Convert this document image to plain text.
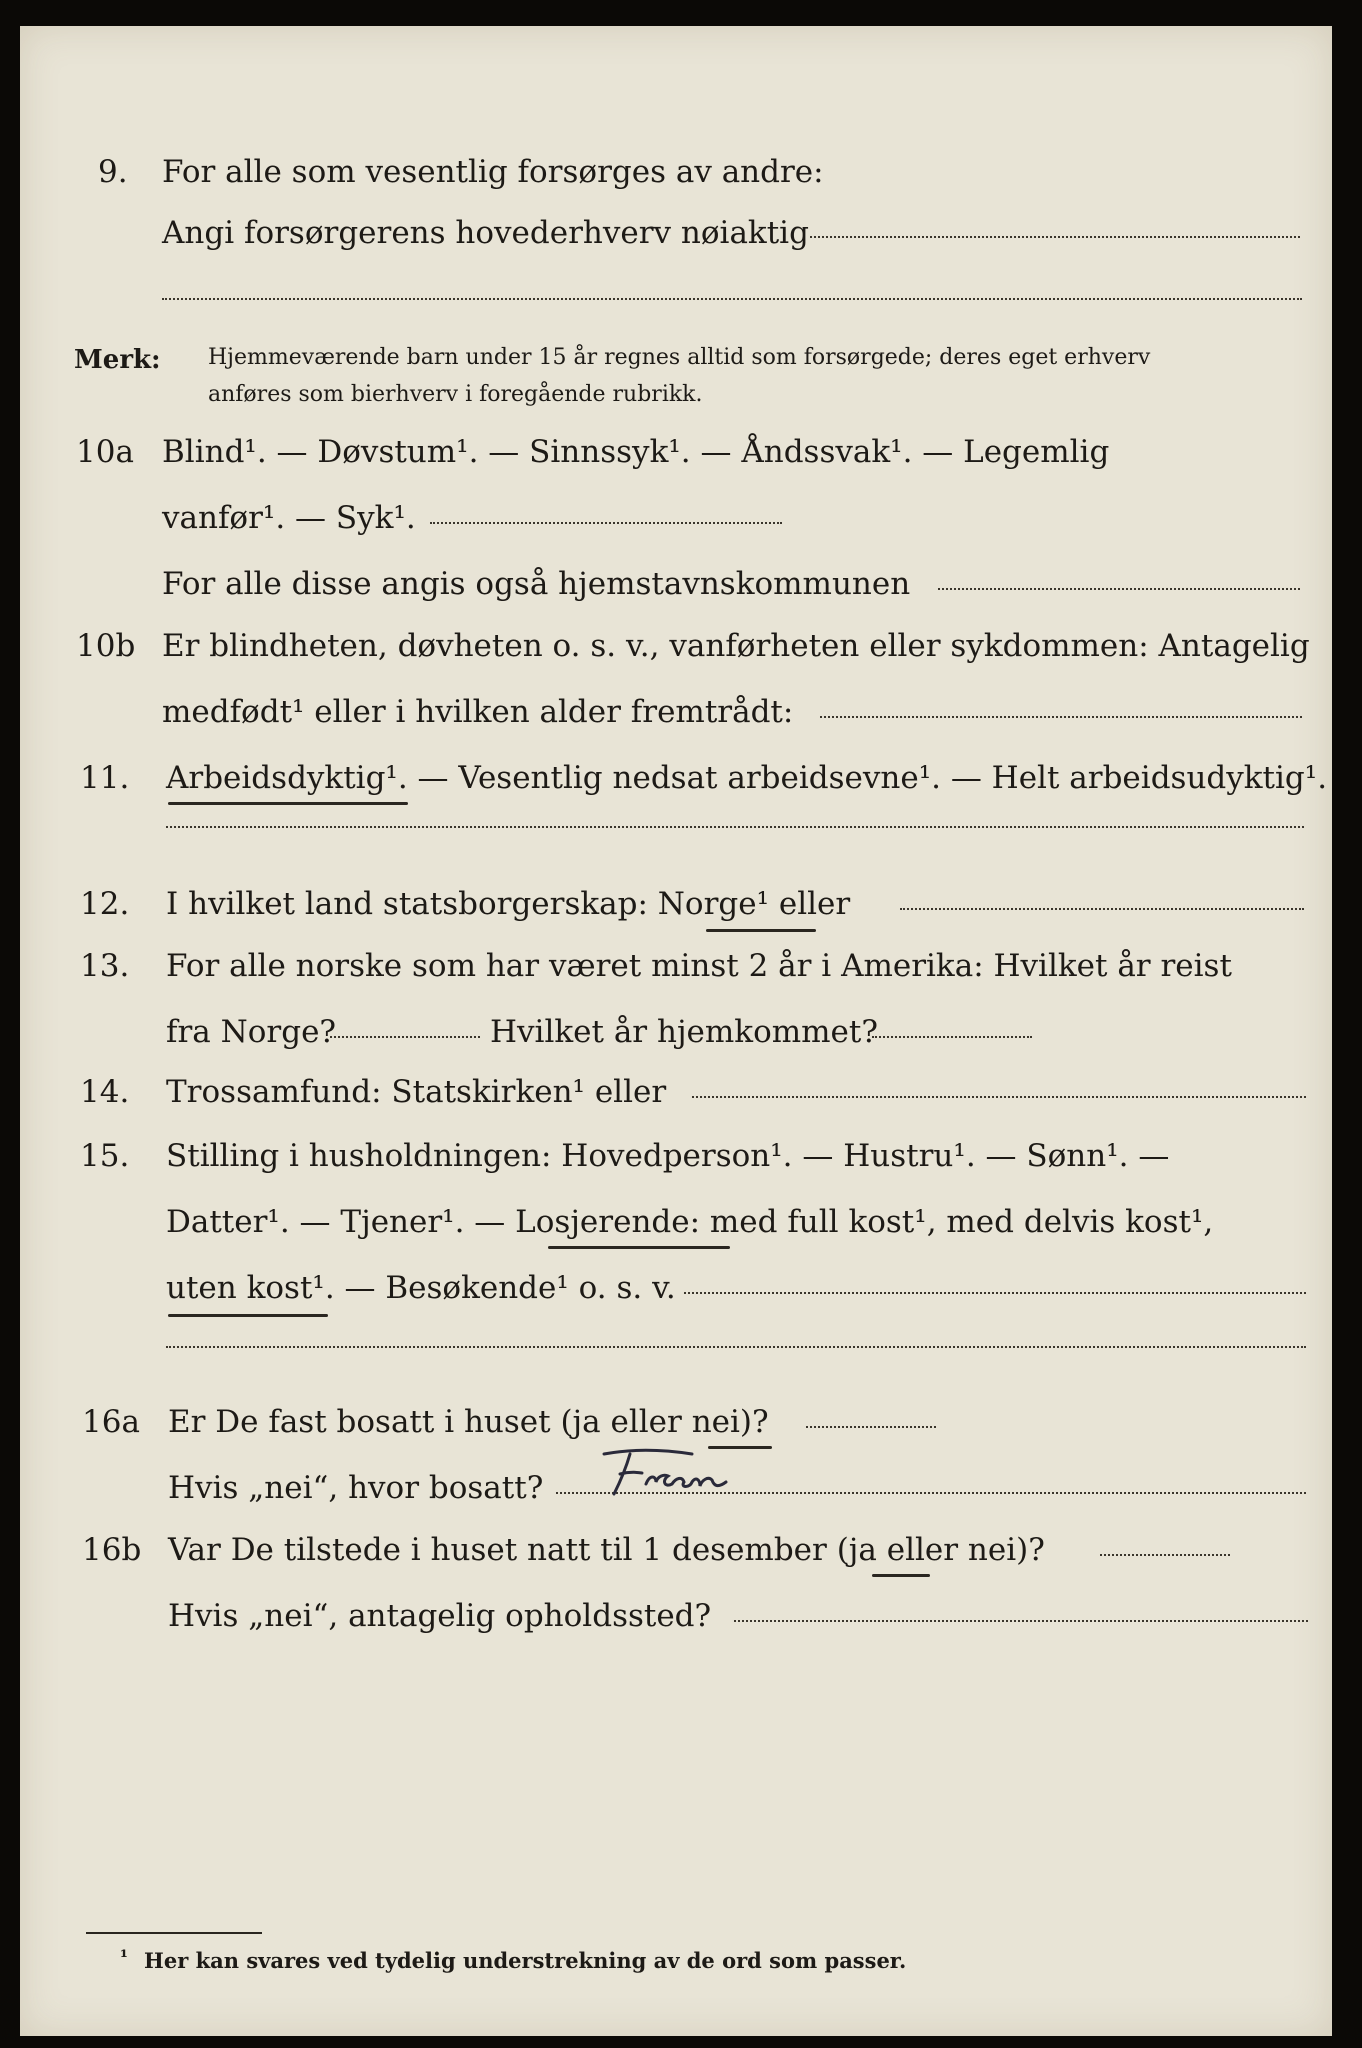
9. For alle som vesentlig forsørges av andre:
Angi forsørgerens hovederhverv nøiaktig
Merk: Hjemmeværende barn under 15 år regnes alltid som forsørgede; deres eget erhverv
anføres som bierhverv i foregående rubrikk.
10a Blind¹. — Døvstum¹. — Sinnssyk¹. — Åndssvak¹. — Legemlig
vanfør¹. — Syk¹.
For alle disse angis også hjemstavnskommunen
10b Er blindheten, døvheten o. s. v., vanførheten eller sykdommen: Antagelig
medfødt¹ eller i hvilken alder fremtrådt:
11. Arbeidsdyktig¹. — Vesentlig nedsat arbeidsevne¹. — Helt arbeidsudyktig¹.
12. I hvilket land statsborgerskap: Norge¹ eller
13. For alle norske som har været minst 2 år i Amerika: Hvilket år reist
fra Norge?	Hvilket år hjemkommet?
14. Trossamfund: Statskirken¹ eller
15. Stilling i husholdningen: Hovedperson¹. — Hustru¹. — Sønn¹. —
Datter¹. — Tjener¹. — Losjerende: med full kost¹, med delvis kost¹,
uten kost¹. — Besøkende¹ o. s. v.
16a Er De fast bosatt i huset (ja eller nei)?
Hvis „nei“, hvor bosatt?
16b Var De tilstede i huset natt til 1 desember (ja eller nei)?
Hvis „nei“, antagelig opholdssted?
¹ Her kan svares ved tydelig understrekning av de ord som passer.
